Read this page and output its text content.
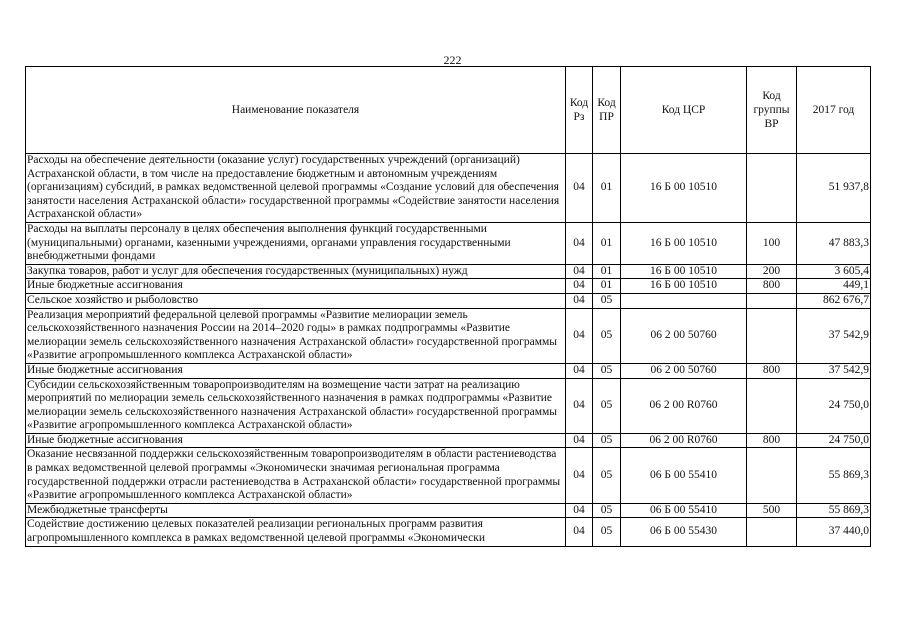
222
Наименование показателя	Код Рз	Код ПР	Код ЦСР	Код группы ВР	2017 год
Расходы на обеспечение деятельности (оказание услуг) государственных учреждений (организаций) Астраханской области, в том числе на предоставление бюджетным и автономным учреждениям (организациям) субсидий, в рамках ведомственной целевой программы «Создание условий для обеспечения занятости населения Астраханской области» государственной программы «Содействие занятости населения Астраханской области»	04	01	16 Б 00 10510		51 937,8
Расходы на выплаты персоналу в целях обеспечения выполнения функций государственными (муниципальными) органами, казенными учреждениями, органами управления государственными внебюджетными фондами	04	01	16 Б 00 10510	100	47 883,3
Закупка товаров, работ и услуг для обеспечения государственных (муниципальных) нужд	04	01	16 Б 00 10510	200	3 605,4
Иные бюджетные ассигнования	04	01	16 Б 00 10510	800	449,1
Сельское хозяйство и рыболовство	04	05			862 676,7
Реализация мероприятий федеральной целевой программы «Развитие мелиорации земель сельскохозяйственного назначения России на 2014–2020 годы» в рамках подпрограммы «Развитие мелиорации земель сельскохозяйственного назначения Астраханской области» государственной программы «Развитие агропромышленного комплекса Астраханской области»	04	05	06 2 00 50760		37 542,9
Иные бюджетные ассигнования	04	05	06 2 00 50760	800	37 542,9
Субсидии сельскохозяйственным товаропроизводителям на возмещение части затрат на реализацию мероприятий по мелиорации земель сельскохозяйственного назначения в рамках подпрограммы «Развитие мелиорации земель сельскохозяйственного назначения Астраханской области» государственной программы «Развитие агропромышленного комплекса Астраханской области»	04	05	06 2 00 R0760		24 750,0
Иные бюджетные ассигнования	04	05	06 2 00 R0760	800	24 750,0
Оказание несвязанной поддержки сельскохозяйственным товаропроизводителям в области растениеводства в рамках ведомственной целевой программы «Экономически значимая региональная программа государственной поддержки отрасли растениеводства в Астраханской области» государственной программы «Развитие агропромышленного комплекса Астраханской области»	04	05	06 Б 00 55410		55 869,3
Межбюджетные трансферты	04	05	06 Б 00 55410	500	55 869,3
Содействие достижению целевых показателей реализации региональных программ развития агропромышленного комплекса в рамках ведомственной целевой программы «Экономически	04	05	06 Б 00 55430		37 440,0
